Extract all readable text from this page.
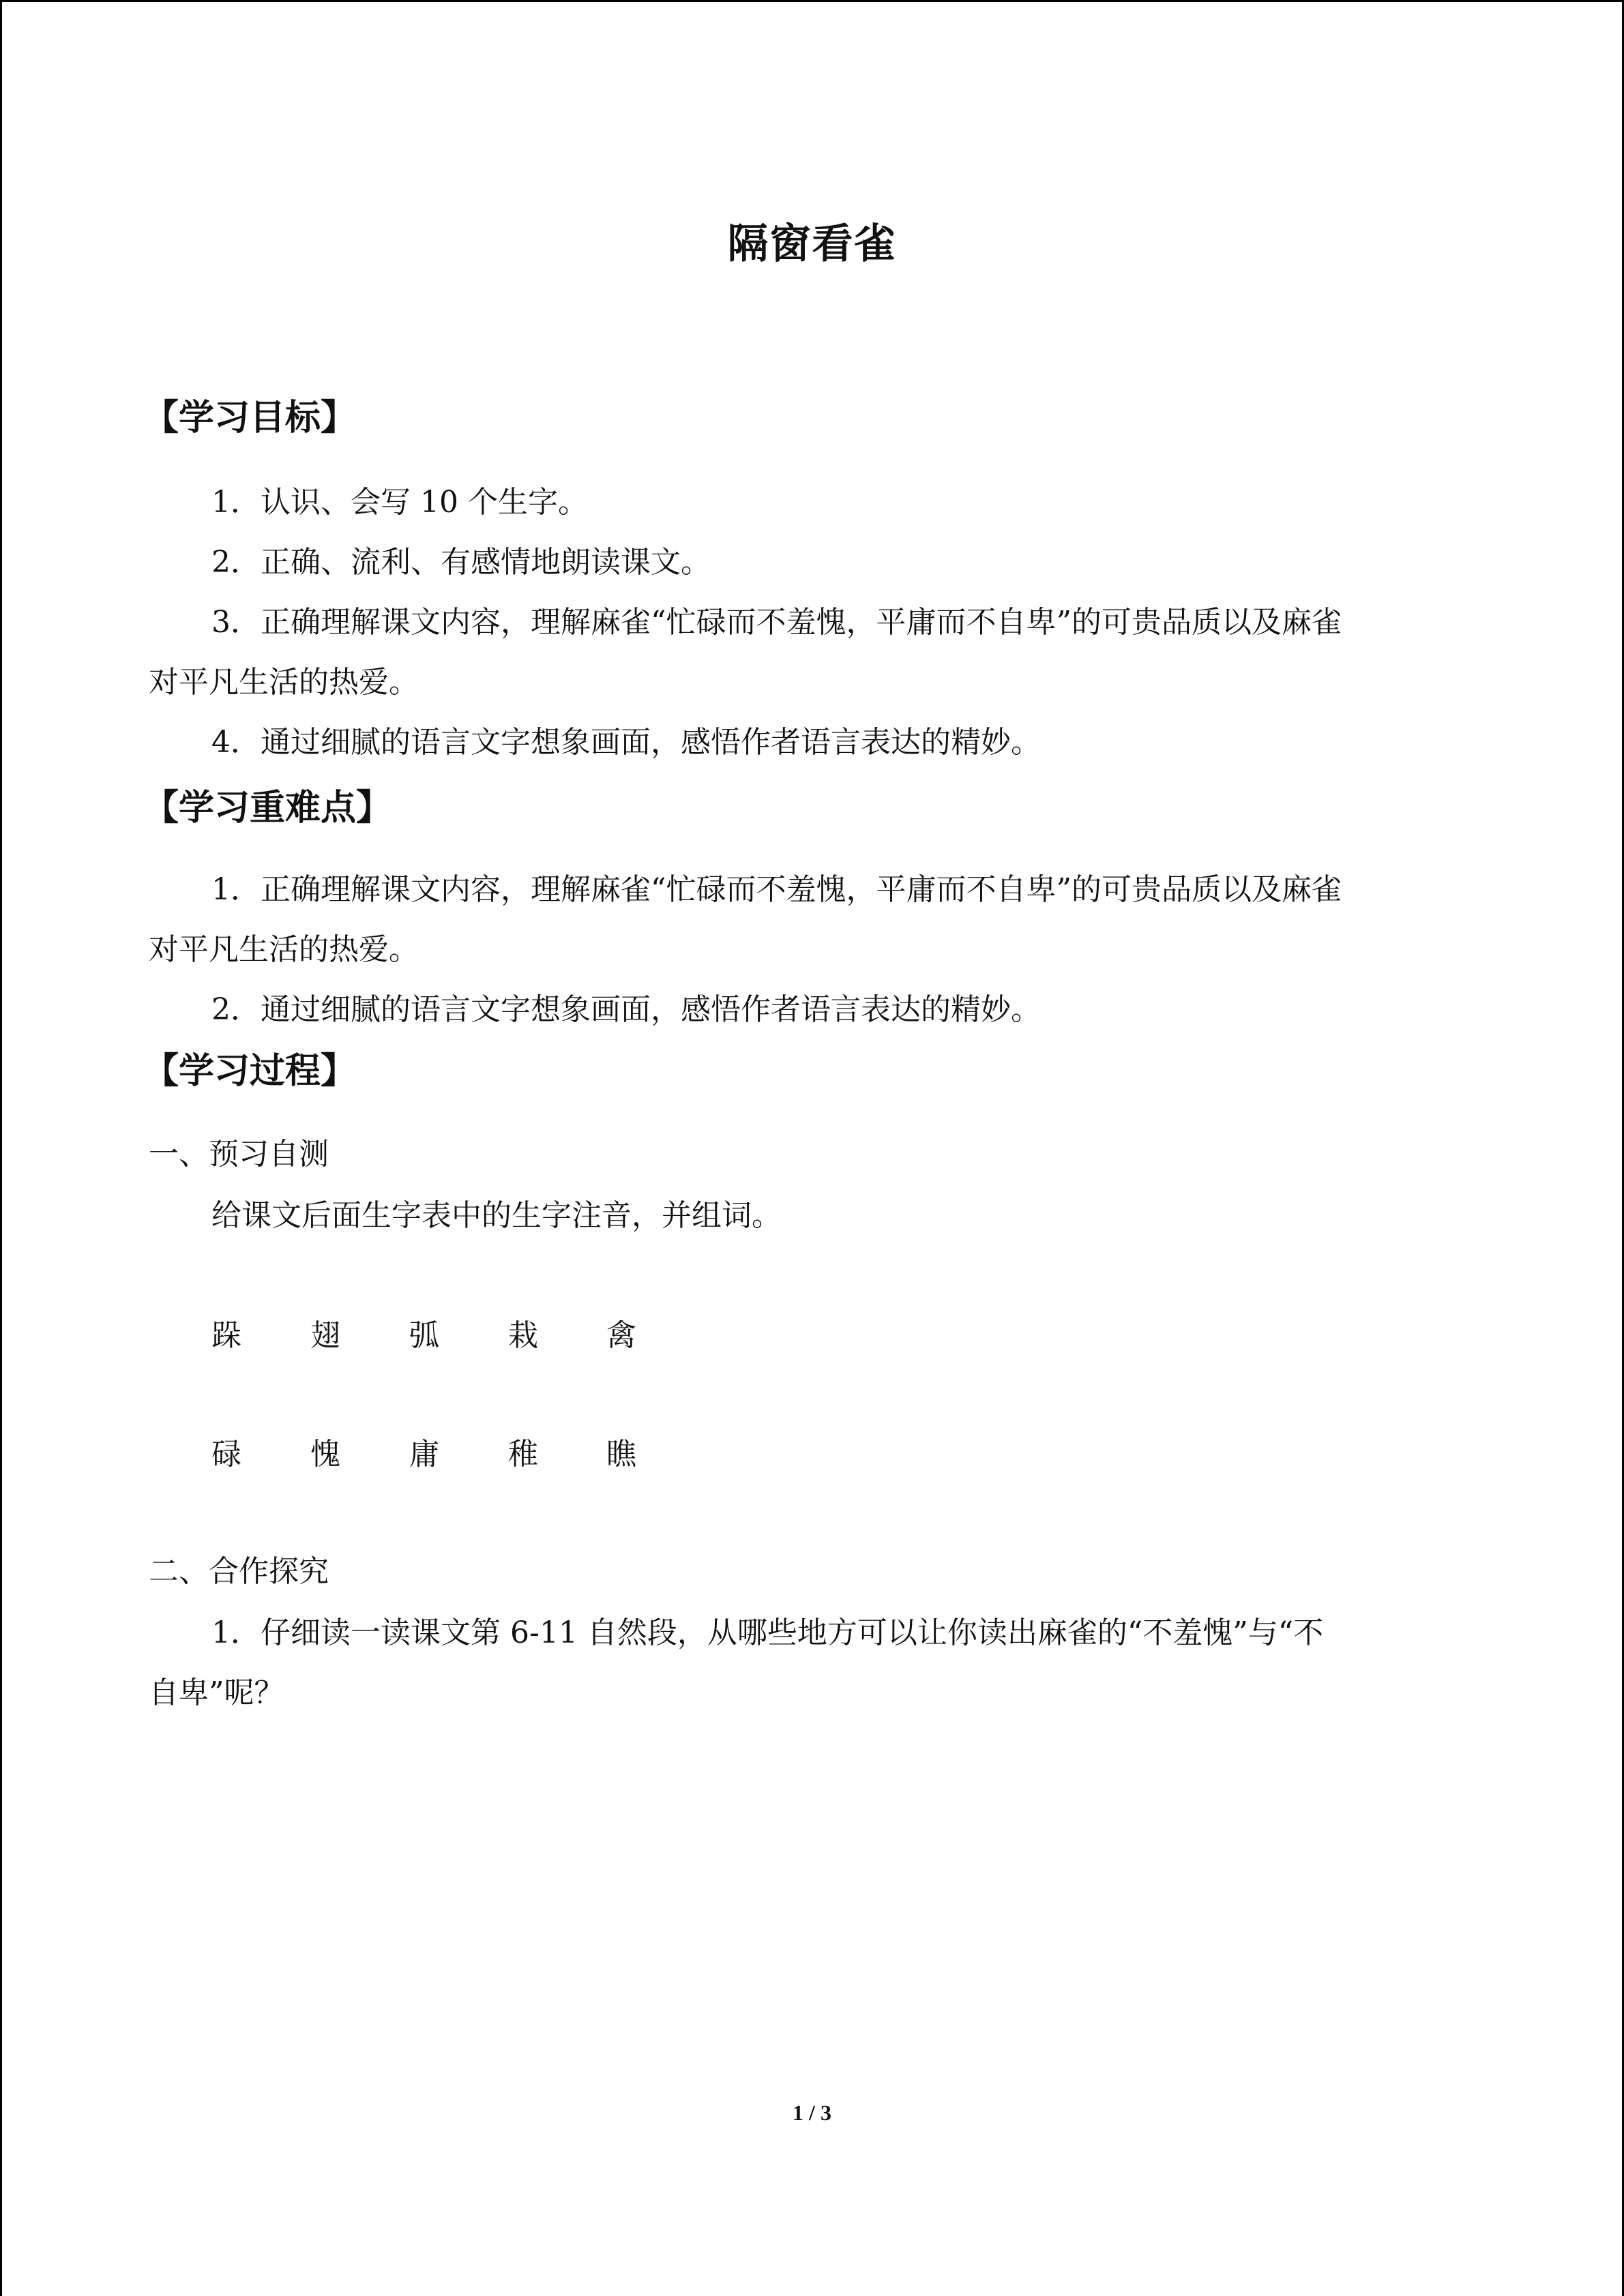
隔窗看雀
【学习目标】
1．认识、会写 10 个生字。
2．正确、流利、有感情地朗读课文。
3．正确理解课文内容，理解麻雀“忙碌而不羞愧，平庸而不自卑”的可贵品质以及麻雀
对平凡生活的热爱。
4．通过细腻的语言文字想象画面，感悟作者语言表达的精妙。
【学习重难点】
1．正确理解课文内容，理解麻雀“忙碌而不羞愧，平庸而不自卑”的可贵品质以及麻雀
对平凡生活的热爱。
2．通过细腻的语言文字想象画面，感悟作者语言表达的精妙。
【学习过程】
一、预习自测
给课文后面生字表中的生字注音，并组词。
跺 翅 弧 栽 禽
碌 愧 庸 稚 瞧
二、合作探究
1．仔细读一读课文第 6-11 自然段，从哪些地方可以让你读出麻雀的“不羞愧”与“不
自卑”呢？
1 / 3
